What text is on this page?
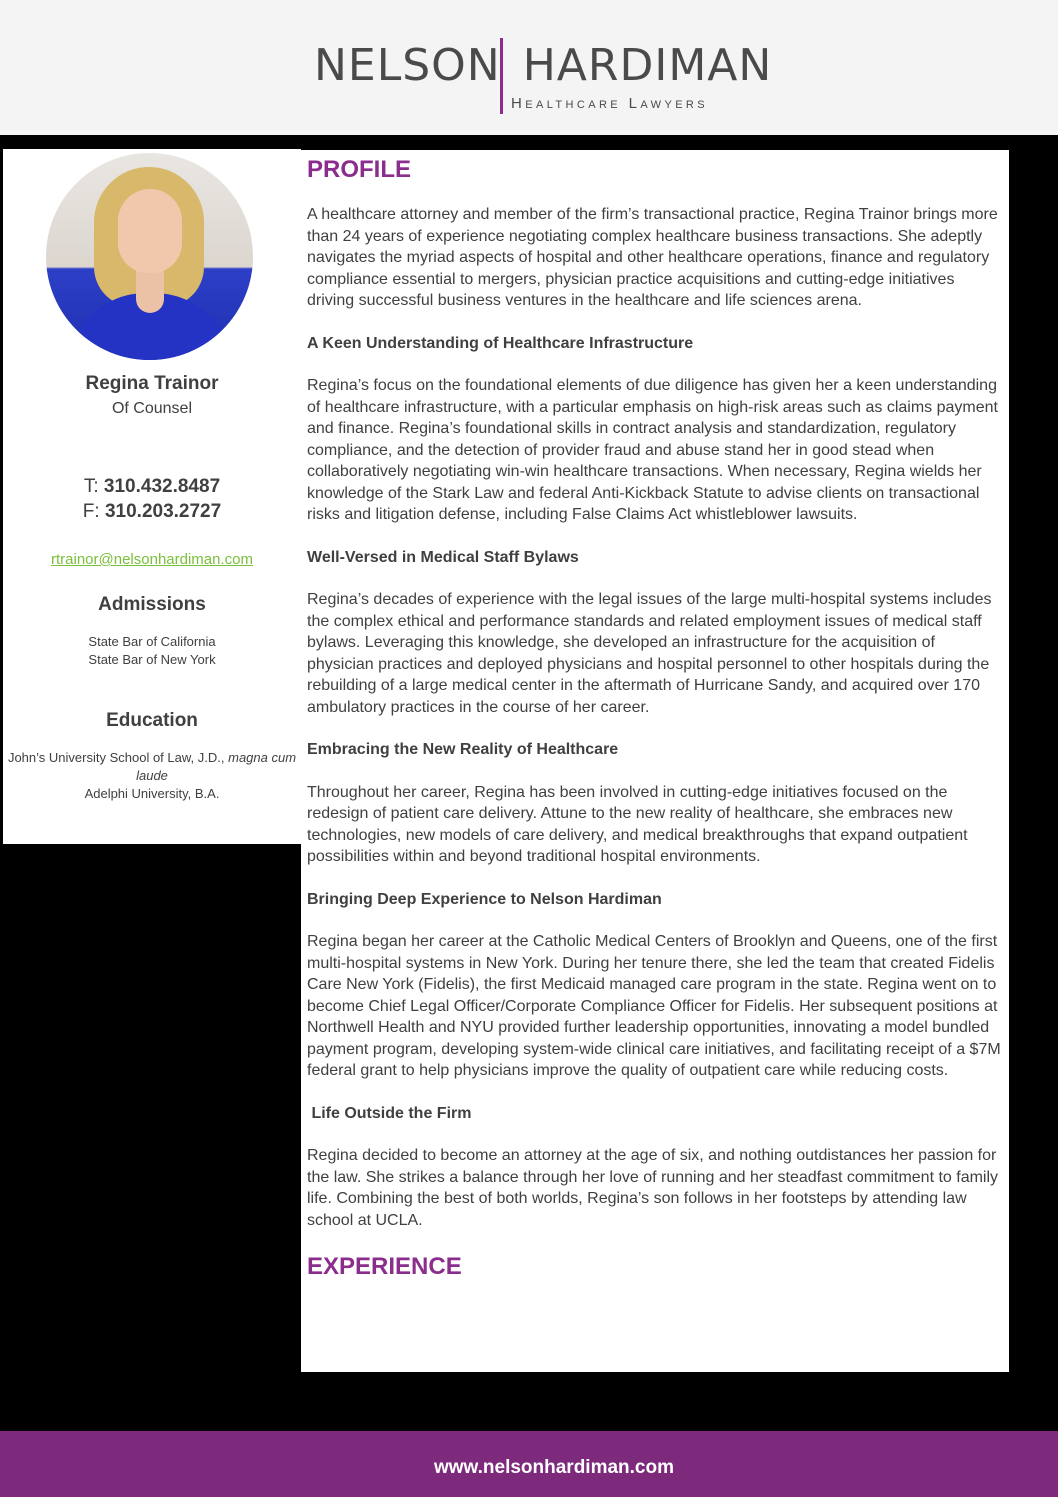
NELSON HARDIMAN
Healthcare Lawyers
Regina Trainor
Of Counsel
T: 310.432.8487
F: 310.203.2727
rtrainor@nelsonhardiman.com
Admissions
State Bar of California
State Bar of New York
Education
John’s University School of Law, J.D., magna cum laude
Adelphi University, B.A.
PROFILE

A healthcare attorney and member of the firm’s transactional practice, Regina Trainor brings more than 24 years of experience negotiating complex healthcare business transactions. She adeptly navigates the myriad aspects of hospital and other healthcare operations, finance and regulatory compliance essential to mergers, physician practice acquisitions and cutting-edge initiatives driving successful business ventures in the healthcare and life sciences arena.

A Keen Understanding of Healthcare Infrastructure

Regina’s focus on the foundational elements of due diligence has given her a keen understanding of healthcare infrastructure, with a particular emphasis on high-risk areas such as claims payment and finance. Regina’s foundational skills in contract analysis and standardization, regulatory compliance, and the detection of provider fraud and abuse stand her in good stead when collaboratively negotiating win-win healthcare transactions. When necessary, Regina wields her knowledge of the Stark Law and federal Anti-Kickback Statute to advise clients on transactional risks and litigation defense, including False Claims Act whistleblower lawsuits.

Well-Versed in Medical Staff Bylaws

Regina’s decades of experience with the legal issues of the large multi-hospital systems includes the complex ethical and performance standards and related employment issues of medical staff bylaws. Leveraging this knowledge, she developed an infrastructure for the acquisition of physician practices and deployed physicians and hospital personnel to other hospitals during the rebuilding of a large medical center in the aftermath of Hurricane Sandy, and acquired over 170 ambulatory practices in the course of her career.

Embracing the New Reality of Healthcare

Throughout her career, Regina has been involved in cutting-edge initiatives focused on the redesign of patient care delivery. Attune to the new reality of healthcare, she embraces new technologies, new models of care delivery, and medical breakthroughs that expand outpatient possibilities within and beyond traditional hospital environments.

Bringing Deep Experience to Nelson Hardiman

Regina began her career at the Catholic Medical Centers of Brooklyn and Queens, one of the first multi-hospital systems in New York. During her tenure there, she led the team that created Fidelis Care New York (Fidelis), the first Medicaid managed care program in the state. Regina went on to become Chief Legal Officer/Corporate Compliance Officer for Fidelis. Her subsequent positions at Northwell Health and NYU provided further leadership opportunities, innovating a model bundled payment program, developing system-wide clinical care initiatives, and facilitating receipt of a $7M federal grant to help physicians improve the quality of outpatient care while reducing costs.

Life Outside the Firm

Regina decided to become an attorney at the age of six, and nothing outdistances her passion for the law. She strikes a balance through her love of running and her steadfast commitment to family life. Combining the best of both worlds, Regina’s son follows in her footsteps by attending law school at UCLA.

EXPERIENCE
www.nelsonhardiman.com
